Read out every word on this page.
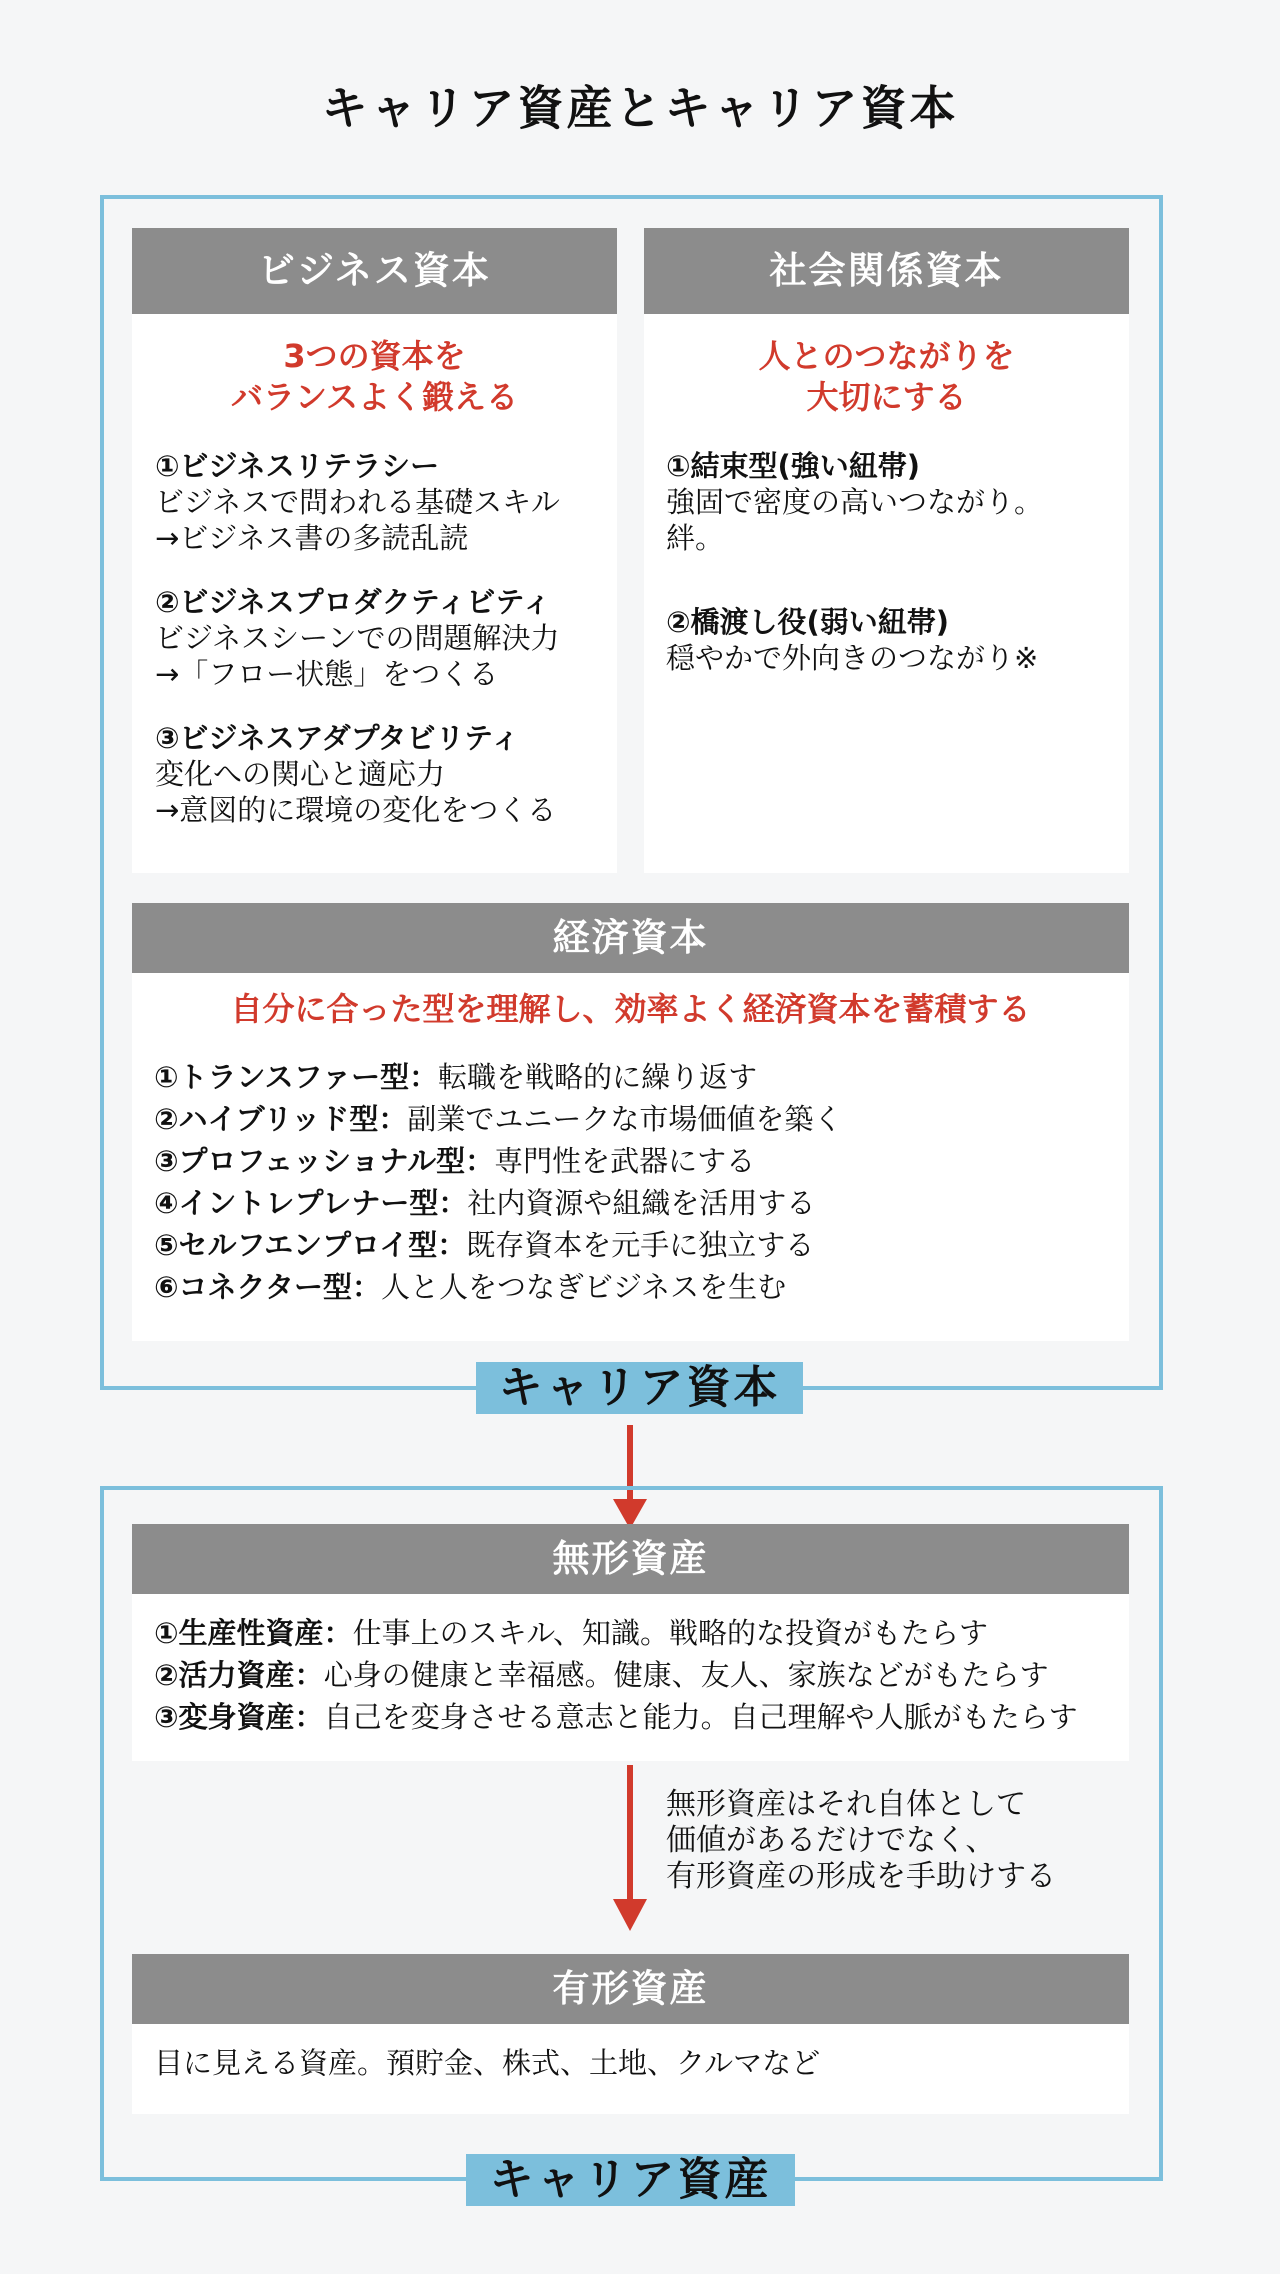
キャリア資産とキャリア資本
ビジネス資本
3つの資本を
バランスよく鍛える
①ビジネスリテラシー
ビジネスで問われる基礎スキル
→ビジネス書の多読乱読
②ビジネスプロダクティビティ
ビジネスシーンでの問題解決力
→「フロー状態」をつくる
③ビジネスアダプタビリティ
変化への関心と適応力
→意図的に環境の変化をつくる
社会関係資本
人とのつながりを
大切にする
①結束型(強い紐帯)
強固で密度の高いつながり。
絆。
②橋渡し役(弱い紐帯)
穏やかで外向きのつながり※
経済資本
自分に合った型を理解し、効率よく経済資本を蓄積する
①トランスファー型：転職を戦略的に繰り返す
②ハイブリッド型：副業でユニークな市場価値を築く
③プロフェッショナル型：専門性を武器にする
④イントレプレナー型：社内資源や組織を活用する
⑤セルフエンプロイ型：既存資本を元手に独立する
⑥コネクター型：人と人をつなぎビジネスを生む
キャリア資本
無形資産
①生産性資産：仕事上のスキル、知識。戦略的な投資がもたらす
②活力資産：心身の健康と幸福感。健康、友人、家族などがもたらす
③変身資産：自己を変身させる意志と能力。自己理解や人脈がもたらす
無形資産はそれ自体として
価値があるだけでなく、
有形資産の形成を手助けする
有形資産
目に見える資産。預貯金、株式、土地、クルマなど
キャリア資産
